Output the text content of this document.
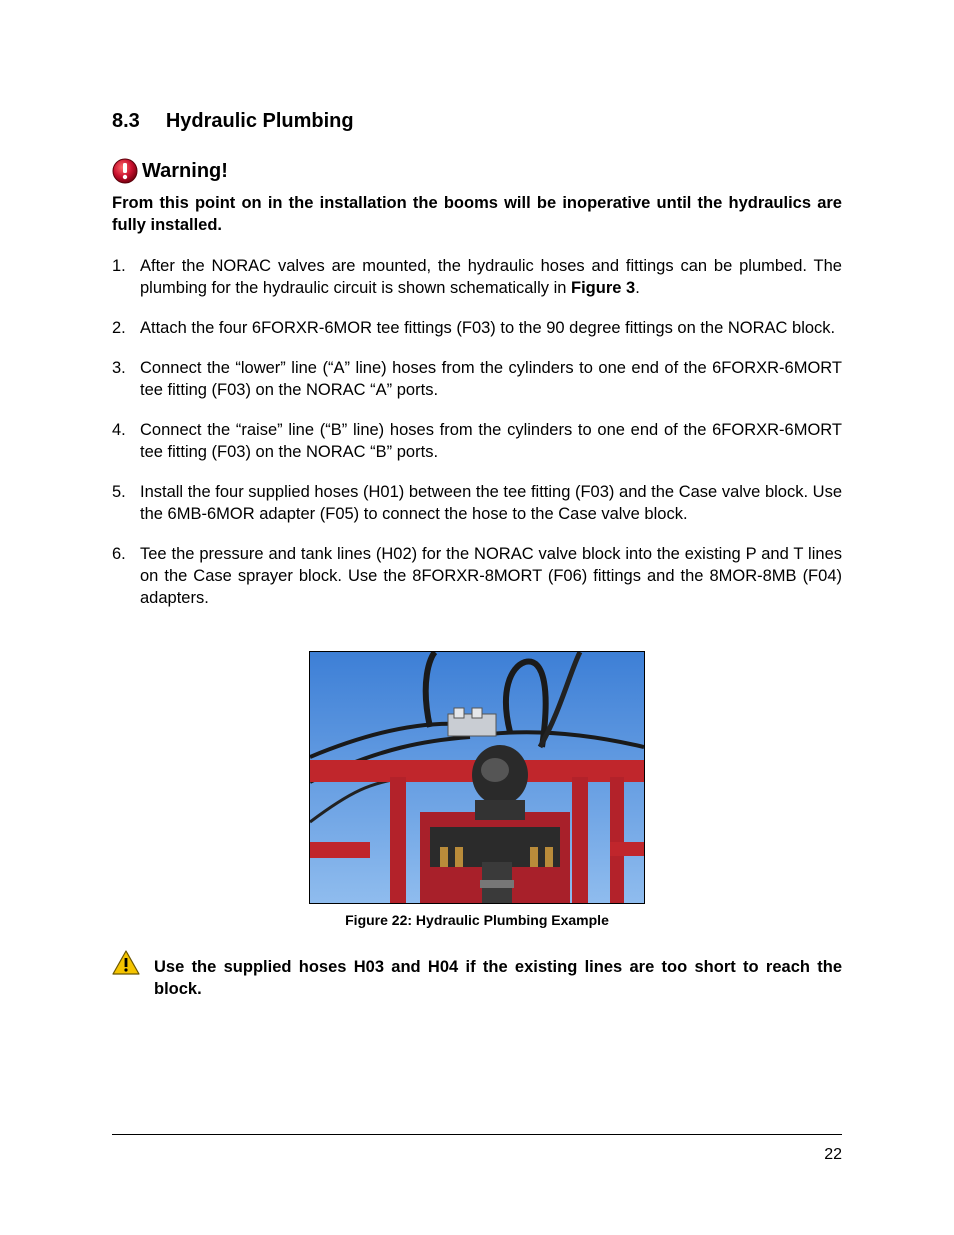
8.3 Hydraulic Plumbing
Warning!
From this point on in the installation the booms will be inoperative until the hydraulics are fully installed.
1. After the NORAC valves are mounted, the hydraulic hoses and fittings can be plumbed. The plumbing for the hydraulic circuit is shown schematically in Figure 3.
2. Attach the four 6FORXR-6MOR tee fittings (F03) to the 90 degree fittings on the NORAC block.
3. Connect the “lower” line (“A” line) hoses from the cylinders to one end of the 6FORXR-6MORT tee fitting (F03) on the NORAC “A” ports.
4. Connect the “raise” line (“B” line) hoses from the cylinders to one end of the 6FORXR-6MORT tee fitting (F03) on the NORAC “B” ports.
5. Install the four supplied hoses (H01) between the tee fitting (F03) and the Case valve block. Use the 6MB-6MOR adapter (F05) to connect the hose to the Case valve block.
6. Tee the pressure and tank lines (H02) for the NORAC valve block into the existing P and T lines on the Case sprayer block. Use the 8FORXR-8MORT (F06) fittings and the 8MOR-8MB (F04) adapters.
Figure 22: Hydraulic Plumbing Example
Use the supplied hoses H03 and H04 if the existing lines are too short to reach the block.
22
